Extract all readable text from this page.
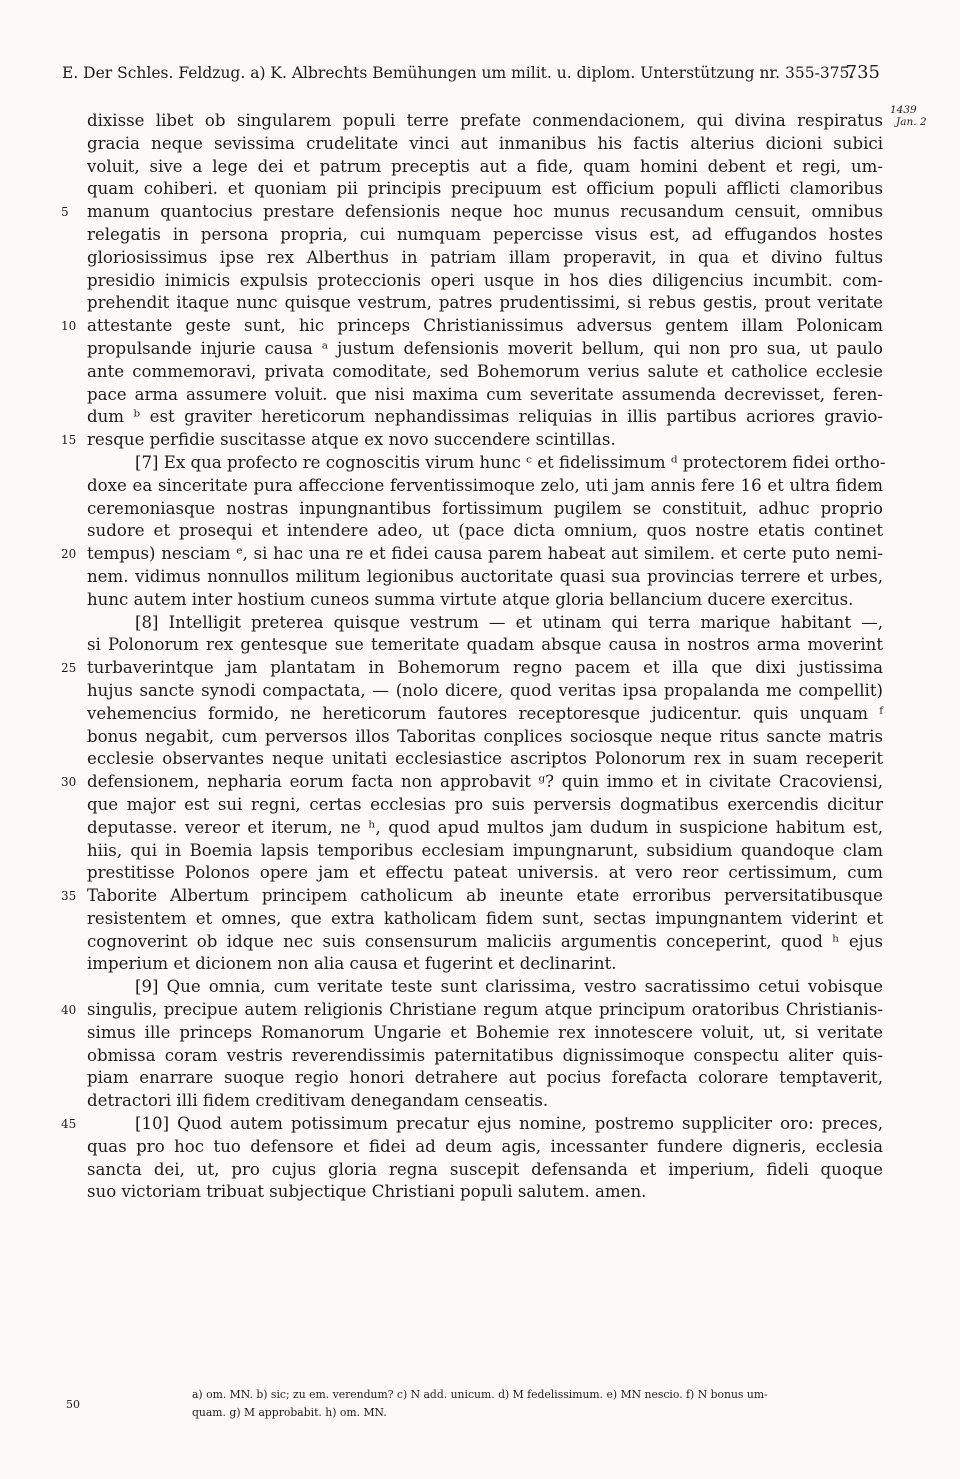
E. Der Schles. Feldzug. a) K. Albrechts Bemühungen um milit. u. diplom. Unterstützung nr. 355-375.
735
1439
Jan. 2
dixisse libet ob singularem populi terre prefate conmendacionem, qui divina respiratus
gracia neque sevissima crudelitate vinci aut inmanibus his factis alterius dicioni subici
voluit, sive a lege dei et patrum preceptis aut a fide, quam homini debent et regi, um-
quam cohiberi. et quoniam pii principis precipuum est officium populi afflicti clamoribus
5 manum quantocius prestare defensionis neque hoc munus recusandum censuit, omnibus
relegatis in persona propria, cui numquam pepercisse visus est, ad effugandos hostes
gloriosissimus ipse rex Alberthus in patriam illam properavit, in qua et divino fultus
presidio inimicis expulsis proteccionis operi usque in hos dies diligencius incumbit. com-
prehendit itaque nunc quisque vestrum, patres prudentissimi, si rebus gestis, prout veritate
10 attestante geste sunt, hic princeps Christianissimus adversus gentem illam Polonicam
propulsande injurie causa ᵃ justum defensionis moverit bellum, qui non pro sua, ut paulo
ante commemoravi, privata comoditate, sed Bohemorum verius salute et catholice ecclesie
pace arma assumere voluit. que nisi maxima cum severitate assumenda decrevisset, feren-
dum ᵇ est graviter hereticorum nephandissimas reliquias in illis partibus acriores gravio-
15 resque perfidie suscitasse atque ex novo succendere scintillas.
[7] Ex qua profecto re cognoscitis virum hunc ᶜ et fidelissimum ᵈ protectorem fidei ortho-
doxe ea sinceritate pura affeccione ferventissimoque zelo, uti jam annis fere 16 et ultra fidem
ceremoniasque nostras inpungnantibus fortissimum pugilem se constituit, adhuc proprio
sudore et prosequi et intendere adeo, ut (pace dicta omnium, quos nostre etatis continet
20 tempus) nesciam ᵉ, si hac una re et fidei causa parem habeat aut similem. et certe puto nemi-
nem. vidimus nonnullos militum legionibus auctoritate quasi sua provincias terrere et urbes,
hunc autem inter hostium cuneos summa virtute atque gloria bellancium ducere exercitus.
[8] Intelligit preterea quisque vestrum — et utinam qui terra marique habitant —,
si Polonorum rex gentesque sue temeritate quadam absque causa in nostros arma moverint
25 turbaverintque jam plantatam in Bohemorum regno pacem et illa que dixi justissima
hujus sancte synodi compactata, — (nolo dicere, quod veritas ipsa propalanda me compellit)
vehemencius formido, ne hereticorum fautores receptoresque judicentur. quis unquam ᶠ
bonus negabit, cum perversos illos Taboritas conplices sociosque neque ritus sancte matris
ecclesie observantes neque unitati ecclesiastice ascriptos Polonorum rex in suam receperit
30 defensionem, nepharia eorum facta non approbavit ᵍ? quin immo et in civitate Cracoviensi,
que major est sui regni, certas ecclesias pro suis perversis dogmatibus exercendis dicitur
deputasse. vereor et iterum, ne ʰ, quod apud multos jam dudum in suspicione habitum est,
hiis, qui in Boemia lapsis temporibus ecclesiam impungnarunt, subsidium quandoque clam
prestitisse Polonos opere jam et effectu pateat universis. at vero reor certissimum, cum
35 Taborite Albertum principem catholicum ab ineunte etate erroribus perversitatibusque
resistentem et omnes, que extra katholicam fidem sunt, sectas impungnantem viderint et
cognoverint ob idque nec suis consensurum maliciis argumentis conceperint, quod ʰ ejus
imperium et dicionem non alia causa et fugerint et declinarint.
[9] Que omnia, cum veritate teste sunt clarissima, vestro sacratissimo cetui vobisque
40 singulis, precipue autem religionis Christiane regum atque principum oratoribus Christianis-
simus ille princeps Romanorum Ungarie et Bohemie rex innotescere voluit, ut, si veritate
obmissa coram vestris reverendissimis paternitatibus dignissimoque conspectu aliter quis-
piam enarrare suoque regio honori detrahere aut pocius forefacta colorare temptaverit,
detractori illi fidem creditivam denegandam censeatis.
45	[10] Quod autem potissimum precatur ejus nomine, postremo suppliciter oro: preces,
quas pro hoc tuo defensore et fidei ad deum agis, incessanter fundere digneris, ecclesia
sancta dei, ut, pro cujus gloria regna suscepit defensanda et imperium, fideli quoque
suo victoriam tribuat subjectique Christiani populi salutem. amen.
a) om. MN. b) sic; zu em. verendum? c) N add. unicum. d) M fedelissimum. e) MN nescio. f) N bonus um-
quam. g) M approbabit. h) om. MN.
50
